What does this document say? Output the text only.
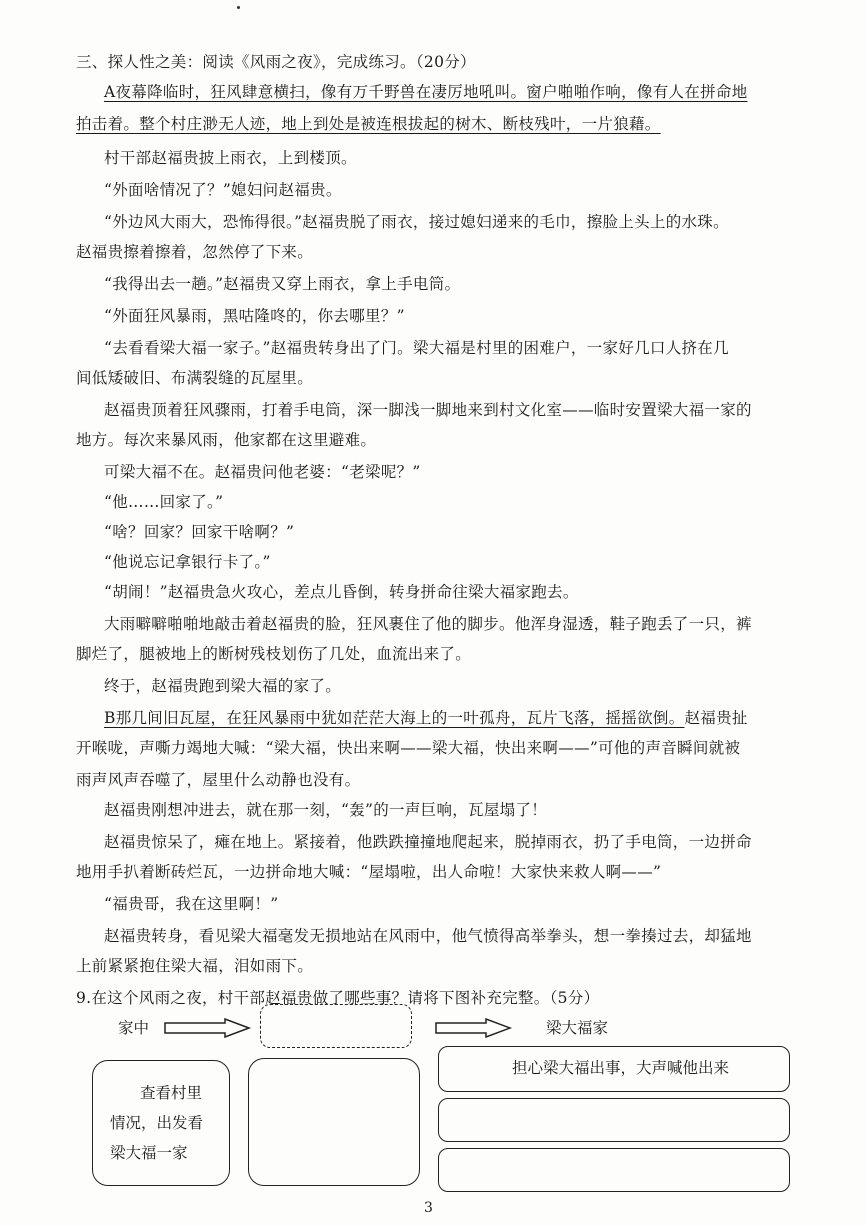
三、探人性之美：阅读《风雨之夜》，完成练习。（20分）
A夜幕降临时，狂风肆意横扫，像有万千野兽在凄厉地吼叫。窗户啪啪作响，像有人在拼命地
拍击着。整个村庄渺无人迹，地上到处是被连根拔起的树木、断枝残叶，一片狼藉。
村干部赵福贵披上雨衣，上到楼顶。
“外面啥情况了？”媳妇问赵福贵。
“外边风大雨大，恐怖得很。”赵福贵脱了雨衣，接过媳妇递来的毛巾，擦脸上头上的水珠。
赵福贵擦着擦着，忽然停了下来。
“我得出去一趟。”赵福贵又穿上雨衣，拿上手电筒。
“外面狂风暴雨，黑咕隆咚的，你去哪里？”
“去看看梁大福一家子。”赵福贵转身出了门。梁大福是村里的困难户，一家好几口人挤在几
间低矮破旧、布满裂缝的瓦屋里。
赵福贵顶着狂风骤雨，打着手电筒，深一脚浅一脚地来到村文化室——临时安置梁大福一家的
地方。每次来暴风雨，他家都在这里避难。
可梁大福不在。赵福贵问他老婆：“老梁呢？”
“他……回家了。”
“啥？回家？回家干啥啊？”
“他说忘记拿银行卡了。”
“胡闹！”赵福贵急火攻心，差点儿昏倒，转身拼命往梁大福家跑去。
大雨噼噼啪啪地敲击着赵福贵的脸，狂风裹住了他的脚步。他浑身湿透，鞋子跑丢了一只，裤
脚烂了，腿被地上的断树残枝划伤了几处，血流出来了。
终于，赵福贵跑到梁大福的家了。
B那几间旧瓦屋，在狂风暴雨中犹如茫茫大海上的一叶孤舟，瓦片飞落，摇摇欲倒。赵福贵扯
开喉咙，声嘶力竭地大喊：“梁大福，快出来啊——梁大福，快出来啊——”可他的声音瞬间就被
雨声风声吞噬了，屋里什么动静也没有。
赵福贵刚想冲进去，就在那一刻，“轰”的一声巨响，瓦屋塌了！
赵福贵惊呆了，瘫在地上。紧接着，他跌跌撞撞地爬起来，脱掉雨衣，扔了手电筒，一边拼命
地用手扒着断砖烂瓦，一边拼命地大喊：“屋塌啦，出人命啦！大家快来救人啊——”
“福贵哥，我在这里啊！”
赵福贵转身，看见梁大福毫发无损地站在风雨中，他气愤得高举拳头，想一拳揍过去，却猛地
上前紧紧抱住梁大福，泪如雨下。
9.在这个风雨之夜，村干部赵福贵做了哪些事？请将下图补充完整。（5分）
家中	梁大福家
查看村里
情况，出发看
梁大福一家
担心梁大福出事，大声喊他出来
3
